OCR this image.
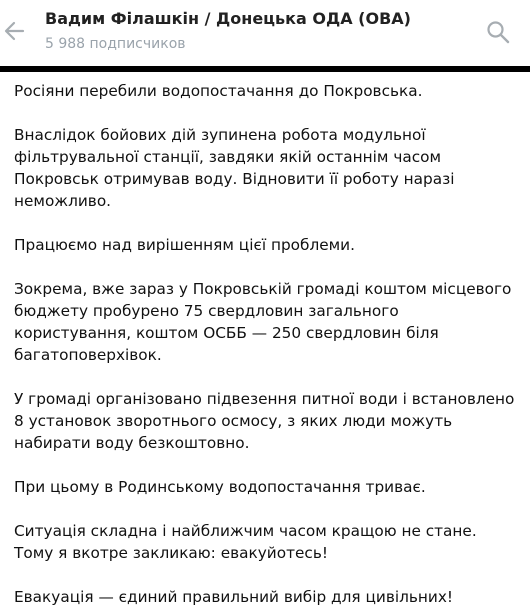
Вадим Філашкін / Донецька ОДА (ОВА)
5 988 подписчиков

Росіяни перебили водопостачання до Покровська.

Внаслідок бойових дій зупинена робота модульної фільтрувальної станції, завдяки якій останнім часом Покровськ отримував воду. Відновити її роботу наразі неможливо.

Працюємо над вирішенням цієї проблеми.

Зокрема, вже зараз у Покровській громаді коштом місцевого бюджету пробурено 75 свердловин загального користування, коштом ОСББ — 250 свердловин біля багатоповерхівок.

У громаді організовано підвезення питної води і встановлено 8 установок зворотнього осмосу, з яких люди можуть набирати воду безкоштовно.

При цьому в Родинському водопостачання триває.

Ситуація складна і найближчим часом кращою не стане. Тому я вкотре закликаю: евакуйотесь!

Евакуація — єдиний правильний вибір для цивільних!
